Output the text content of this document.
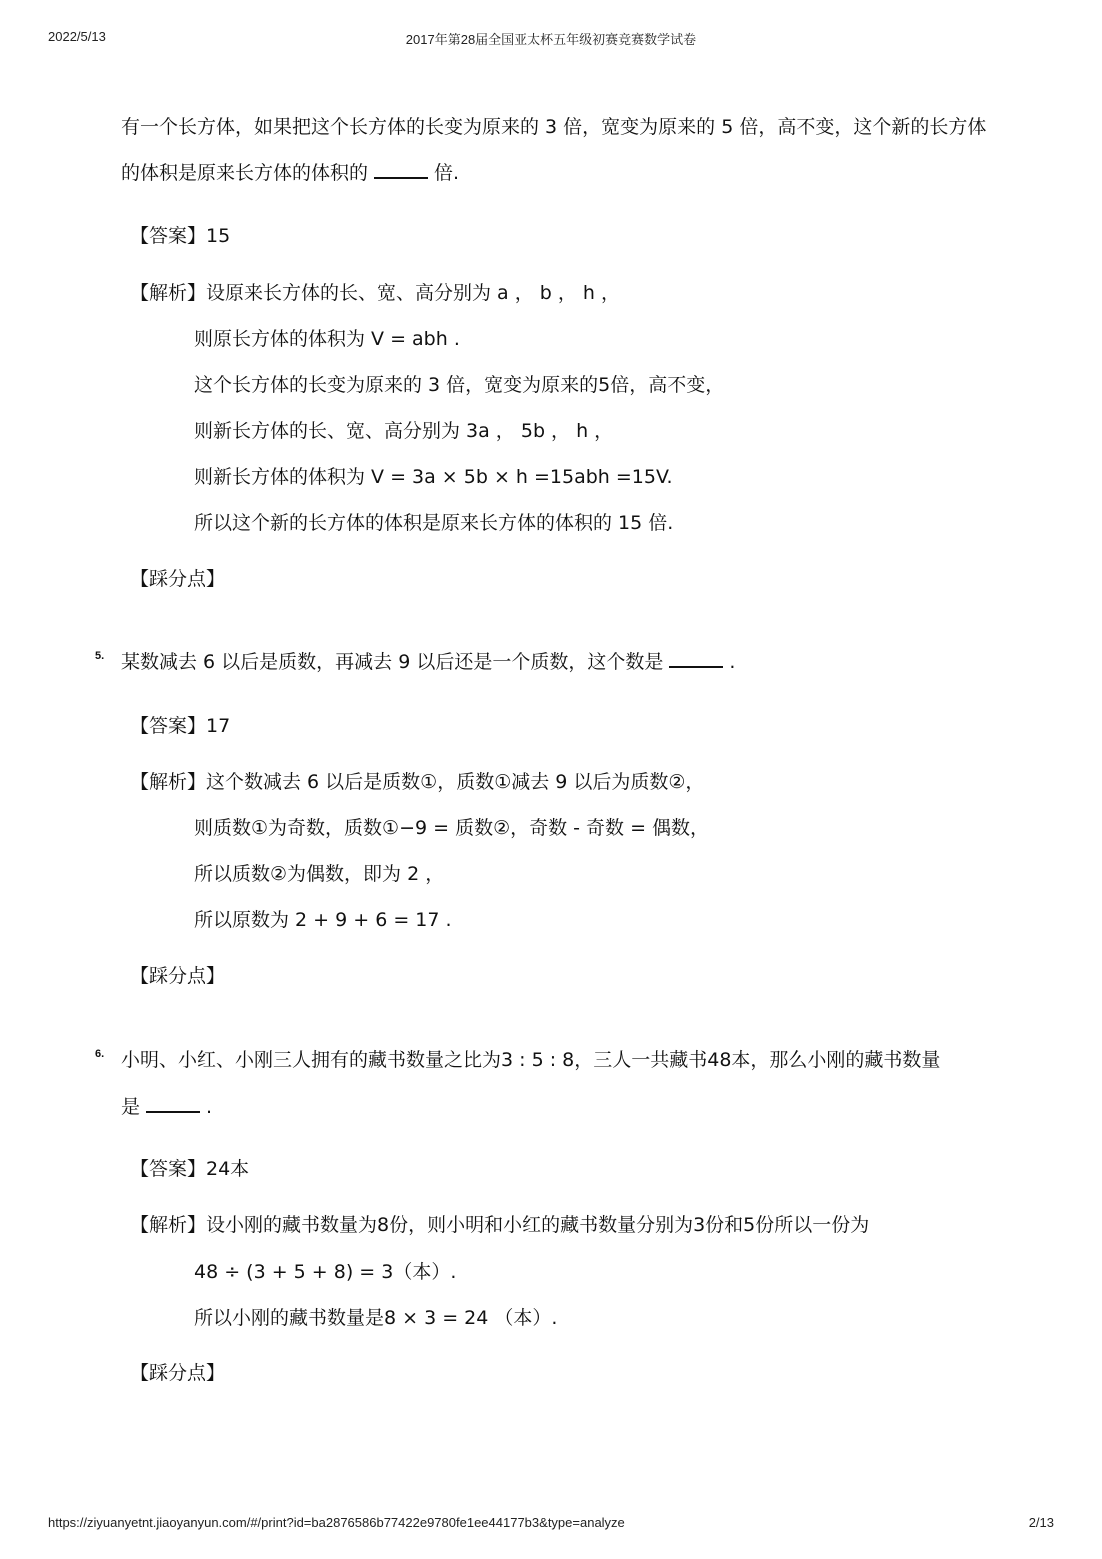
2022/5/13	2017年第28届全国亚太杯五年级初赛竞赛数学试卷
有一个长方体，如果把这个长方体的长变为原来的 3 倍，宽变为原来的 5 倍，高不变，这个新的长方体
的体积是原来长方体的体积的	倍.
【答案】15
【解析】设原来长方体的长、宽、高分别为 a ， b ， h ，
则原长方体的体积为 V = abh .
这个长方体的长变为原来的 3 倍，宽变为原来的5倍，高不变，
则新长方体的长、宽、高分别为 3a ， 5b ， h ，
则新长方体的体积为 V = 3a × 5b × h =15abh =15V.
所以这个新的长方体的体积是原来长方体的体积的 15 倍.
【踩分点】
5. 某数减去 6 以后是质数，再减去 9 以后还是一个质数，这个数是	.
【答案】17
【解析】这个数减去 6 以后是质数①，质数①减去 9 以后为质数②，
则质数①为奇数，质数①−9 = 质数②，奇数 - 奇数 = 偶数，
所以质数②为偶数，即为 2 ，
所以原数为 2 + 9 + 6 = 17 .
【踩分点】
6. 小明、小红、小刚三人拥有的藏书数量之比为3 : 5 : 8，三人一共藏书48本，那么小刚的藏书数量
是	.
【答案】24本
【解析】设小刚的藏书数量为8份，则小明和小红的藏书数量分别为3份和5份所以一份为
48 ÷ (3 + 5 + 8) = 3（本）.
所以小刚的藏书数量是8 × 3 = 24 （本）.
【踩分点】
https://ziyuanyetnt.jiaoyanyun.com/#/print?id=ba2876586b77422e9780fe1ee44177b3&type=analyze	2/13
